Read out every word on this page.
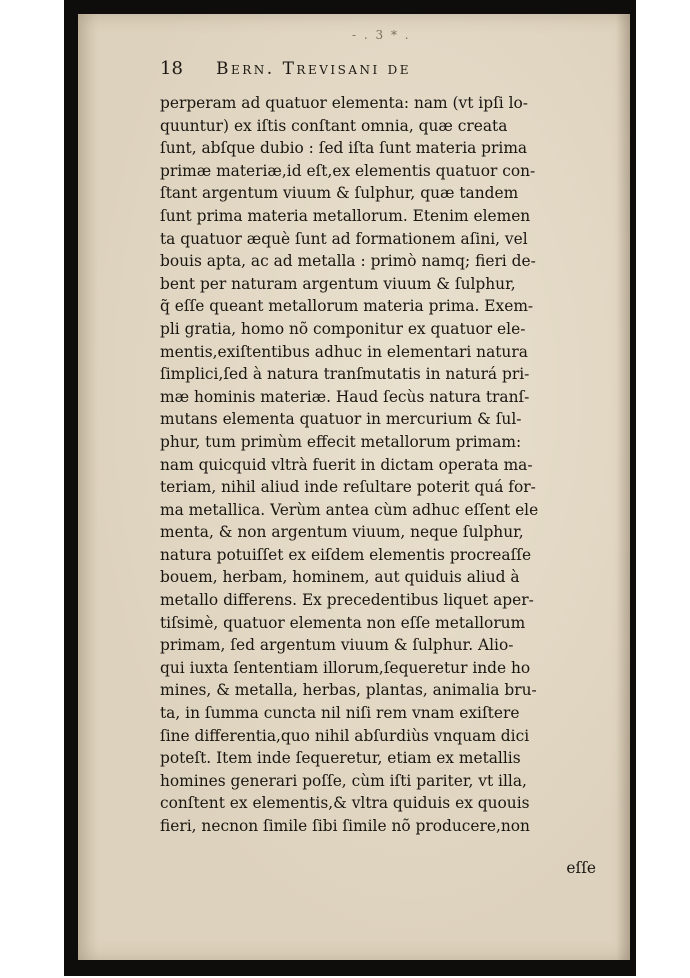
- . 3 * .
18 Bern. Trevisani de
perperam ad quatuor elementa: nam (vt ipſi lo-
quuntur) ex iſtis conſtant omnia, quæ creata
ſunt, abſque dubio : ſed iſta ſunt materia prima
primæ materiæ,id eſt,ex elementis quatuor con-
ſtant argentum viuum & ſulphur, quæ tandem
ſunt prima materia metallorum. Etenim elemen
ta quatuor æquè ſunt ad formationem aſini, vel
bouis apta, ac ad metalla : primò namq; fieri de-
bent per naturam argentum viuum & ſulphur,
q̃ eſſe queant metallorum materia prima. Exem-
pli gratia, homo nõ componitur ex quatuor ele-
mentis,exiſtentibus adhuc in elementari natura
ſimplici,ſed à natura tranſmutatis in naturá pri-
mæ hominis materiæ. Haud ſecùs natura tranſ-
mutans elementa quatuor in mercurium & ſul-
phur, tum primùm effecit metallorum primam:
nam quicquid vltrà fuerit in dictam operata ma-
teriam, nihil aliud inde reſultare poterit quá for-
ma metallica. Verùm antea cùm adhuc eſſent ele
menta, & non argentum viuum, neque ſulphur,
natura potuiſſet ex eiſdem elementis procreaſſe
bouem, herbam, hominem, aut quiduis aliud à
metallo differens. Ex precedentibus liquet aper-
tiſsimè, quatuor elementa non eſſe metallorum
primam, ſed argentum viuum & ſulphur. Alio-
qui iuxta ſententiam illorum,ſequeretur inde ho
mines, & metalla, herbas, plantas, animalia bru-
ta, in ſumma cuncta nil niſi rem vnam exiſtere
ſine differentia,quo nihil abſurdiùs vnquam dici
poteſt. Item inde ſequeretur, etiam ex metallis
homines generari poſſe, cùm iſti pariter, vt illa,
conſtent ex elementis,& vltra quiduis ex quouis
fieri, necnon ſimile ſibi ſimile nõ producere,non
eſſe
